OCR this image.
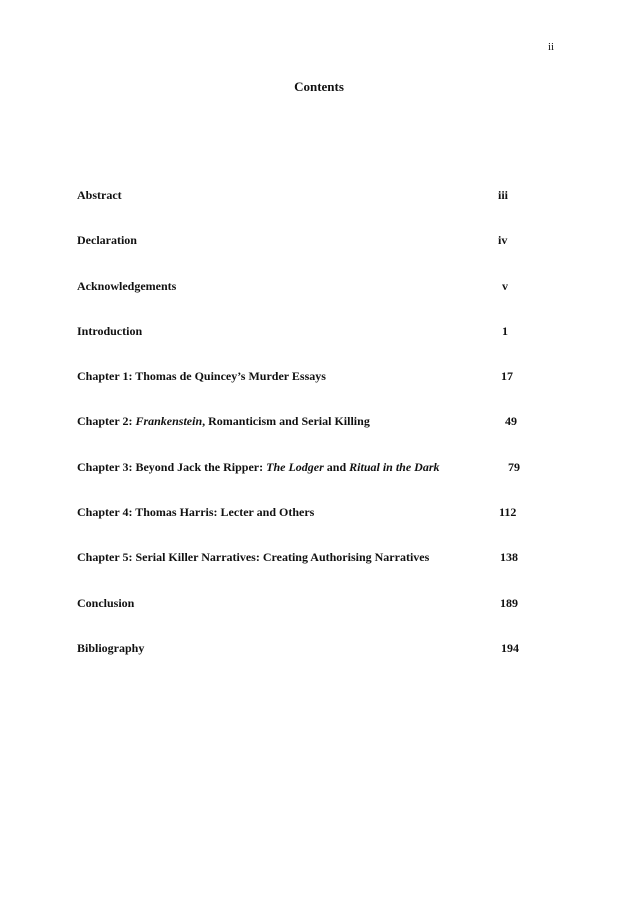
ii
Contents
Abstract	iii
Declaration	iv
Acknowledgements	v
Introduction	1
Chapter 1: Thomas de Quincey’s Murder Essays	17
Chapter 2: Frankenstein, Romanticism and Serial Killing	49
Chapter 3: Beyond Jack the Ripper: The Lodger and Ritual in the Dark	79
Chapter 4: Thomas Harris: Lecter and Others	112
Chapter 5: Serial Killer Narratives: Creating Authorising Narratives	138
Conclusion	189
Bibliography	194
